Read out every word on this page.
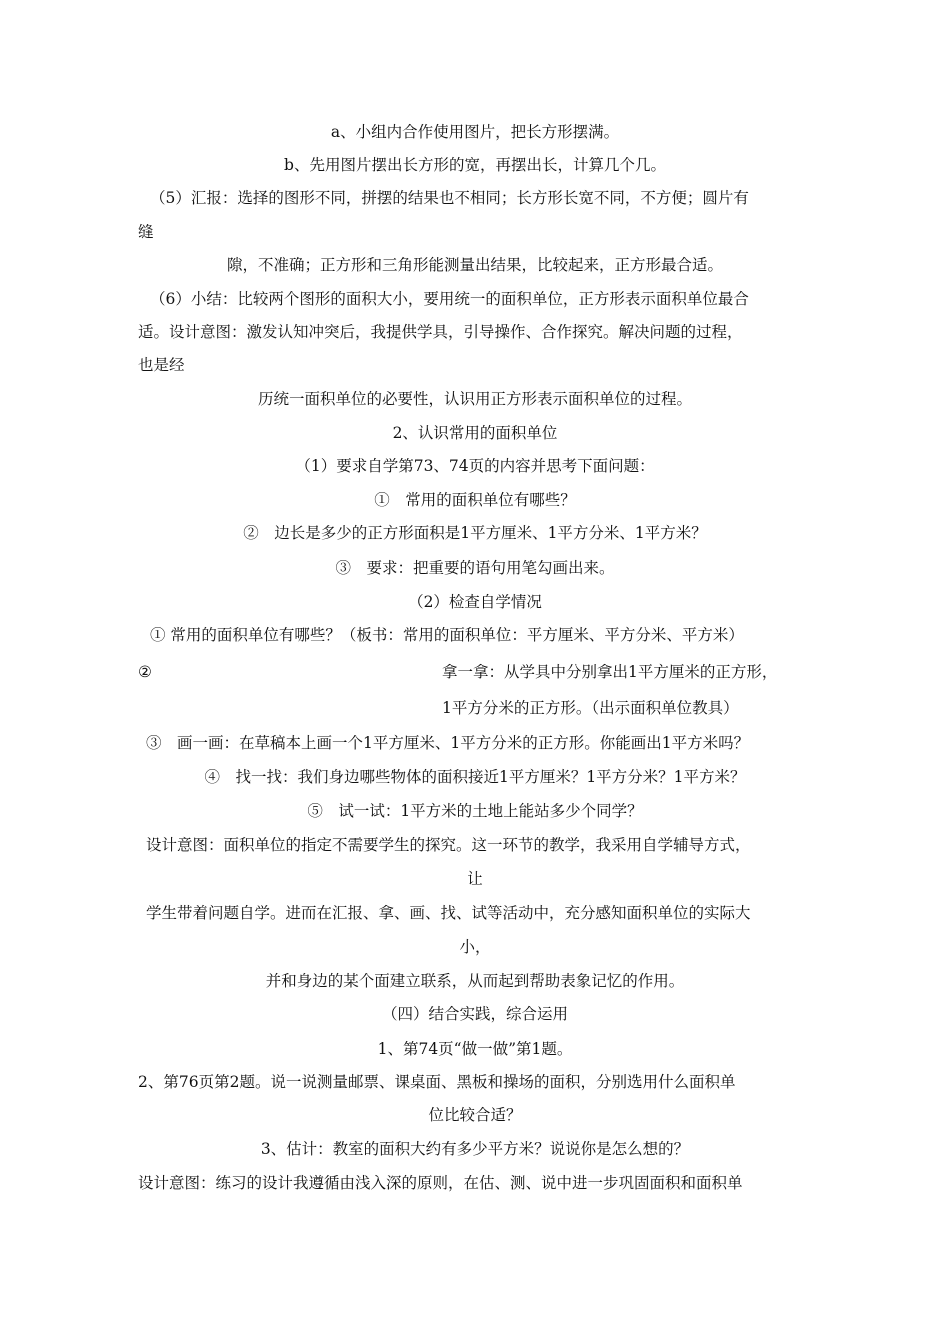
a、小组内合作使用图片，把长方形摆满。
b、先用图片摆出长方形的宽，再摆出长，计算几个几。
（5）汇报：选择的图形不同，拼摆的结果也不相同；长方形长宽不同，不方便；圆片有
缝
隙，不准确；正方形和三角形能测量出结果，比较起来，正方形最合适。
（6）小结：比较两个图形的面积大小，要用统一的面积单位，正方形表示面积单位最合
适。设计意图：激发认知冲突后，我提供学具，引导操作、合作探究。解决问题的过程，
也是经
历统一面积单位的必要性，认识用正方形表示面积单位的过程。
2、认识常用的面积单位
（1）要求自学第73、74页的内容并思考下面问题：
①　常用的面积单位有哪些？
②　边长是多少的正方形面积是1平方厘米、1平方分米、1平方米？
③　要求：把重要的语句用笔勾画出来。
（2）检查自学情况
① 常用的面积单位有哪些？（板书：常用的面积单位：平方厘米、平方分米、平方米）
②	拿一拿：从学具中分别拿出1平方厘米的正方形，
1平方分米的正方形。（出示面积单位教具）
③　画一画：在草稿本上画一个1平方厘米、1平方分米的正方形。你能画出1平方米吗？
④　找一找：我们身边哪些物体的面积接近1平方厘米？1平方分米？1平方米？
⑤　试一试：1平方米的土地上能站多少个同学？
设计意图：面积单位的指定不需要学生的探究。这一环节的教学，我采用自学辅导方式，
让
学生带着问题自学。进而在汇报、拿、画、找、试等活动中，充分感知面积单位的实际大
小，
并和身边的某个面建立联系，从而起到帮助表象记忆的作用。
（四）结合实践，综合运用
1、第74页“做一做”第1题。
2、第76页第2题。说一说测量邮票、课桌面、黑板和操场的面积，分别选用什么面积单
位比较合适？
3、估计：教室的面积大约有多少平方米？说说你是怎么想的？
设计意图：练习的设计我遵循由浅入深的原则，在估、测、说中进一步巩固面积和面积单
